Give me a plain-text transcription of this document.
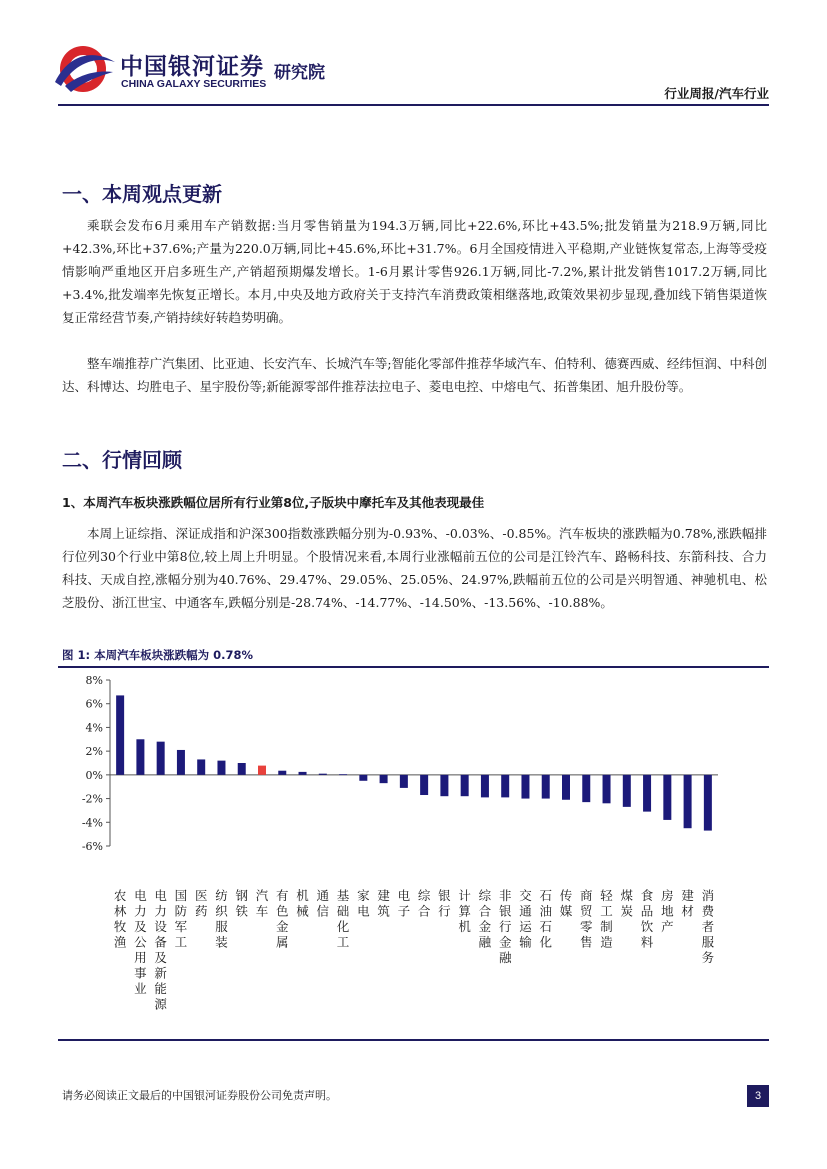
中国银河证券
CHINA GALAXY SECURITIES
研究院
行业周报/汽车行业
一、本周观点更新

乘联会发布6月乘用车产销数据:当月零售销量为194.3万辆,同比+22.6%,环比+43.5%;批发销量为218.9万辆,同比+42.3%,环比+37.6%;产量为220.0万辆,同比+45.6%,环比+31.7%。6月全国疫情进入平稳期,产业链恢复常态,上海等受疫情影响严重地区开启多班生产,产销超预期爆发增长。1-6月累计零售926.1万辆,同比-7.2%,累计批发销售1017.2万辆,同比+3.4%,批发端率先恢复正增长。本月,中央及地方政府关于支持汽车消费政策相继落地,政策效果初步显现,叠加线下销售渠道恢复正常经营节奏,产销持续好转趋势明确。

整车端推荐广汽集团、比亚迪、长安汽车、长城汽车等;智能化零部件推荐华域汽车、伯特利、德赛西威、经纬恒润、中科创达、科博达、均胜电子、星宇股份等;新能源零部件推荐法拉电子、菱电电控、中熔电气、拓普集团、旭升股份等。

二、行情回顾
1、本周汽车板块涨跌幅位居所有行业第8位,子版块中摩托车及其他表现最佳

本周上证综指、深证成指和沪深300指数涨跌幅分别为-0.93%、-0.03%、-0.85%。汽车板块的涨跌幅为0.78%,涨跌幅排行位列30个行业中第8位,较上周上升明显。个股情况来看,本周行业涨幅前五位的公司是江铃汽车、路畅科技、东箭科技、合力科技、天成自控,涨幅分别为40.76%、29.47%、29.05%、25.05%、24.97%,跌幅前五位的公司是兴明智通、神驰机电、松芝股份、浙江世宝、中通客车,跌幅分别是-28.74%、-14.77%、-14.50%、-13.56%、-10.88%。

图 1: 本周汽车板块涨跌幅为 0.78%
8%
6%
4%
2%
0%
-2%
-4%
-6%
农
林
牧
渔
电
力
及
公
用
事
业
电
力
设
备
及
新
能
源
国
防
军
工
医
药
纺
织
服
装
钢
铁
汽
车
有
色
金
属
机
械
通
信
基
础
化
工
家
电
建
筑
电
子
综
合
银
行
计
算
机
综
合
金
融
非
银
行
金
融
交
通
运
输
石
油
石
化
传
媒
商
贸
零
售
轻
工
制
造
煤
炭
食
品
饮
料
房
地
产
建
材
消
费
者
服
务
请务必阅读正文最后的中国银河证券股份公司免责声明。	3
